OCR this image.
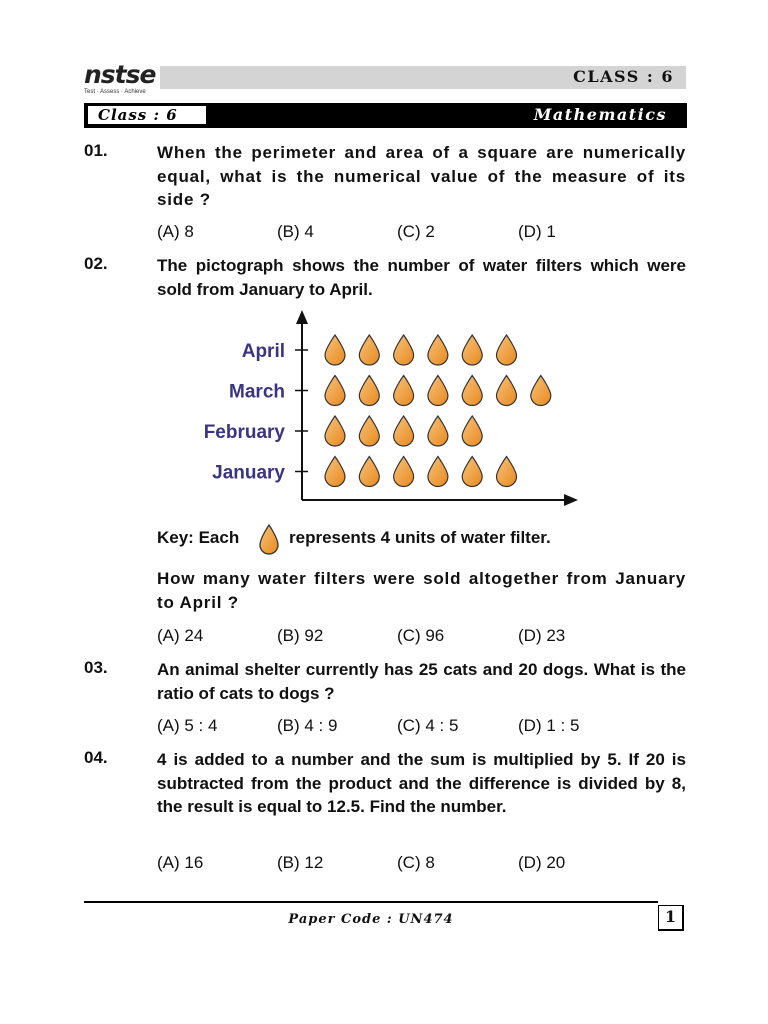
nstse
Test · Assess · Achieve
CLASS : 6
Mathematics
Class : 6
01.	When the perimeter and area of a square are numerically equal, what is the numerical value of the measure of its side ?
(A) 8	(B) 4	(C) 2	(D) 1
02.	The pictograph shows the number of water filters which were sold from January to April.
April
March
February
January
Key: Each	represents 4 units of water filter.
How many water filters were sold altogether from January to April ?
(A) 24	(B) 92	(C) 96	(D) 23
03.	An animal shelter currently has 25 cats and 20 dogs. What is the ratio of cats to dogs ?
(A) 5 : 4	(B) 4 : 9	(C) 4 : 5	(D) 1 : 5
04.	4 is added to a number and the sum is multiplied by 5. If 20 is subtracted from the product and the difference is divided by 8, the result is equal to 12.5. Find the number.
(A) 16	(B) 12	(C) 8	(D) 20
Paper Code : UN474	1
